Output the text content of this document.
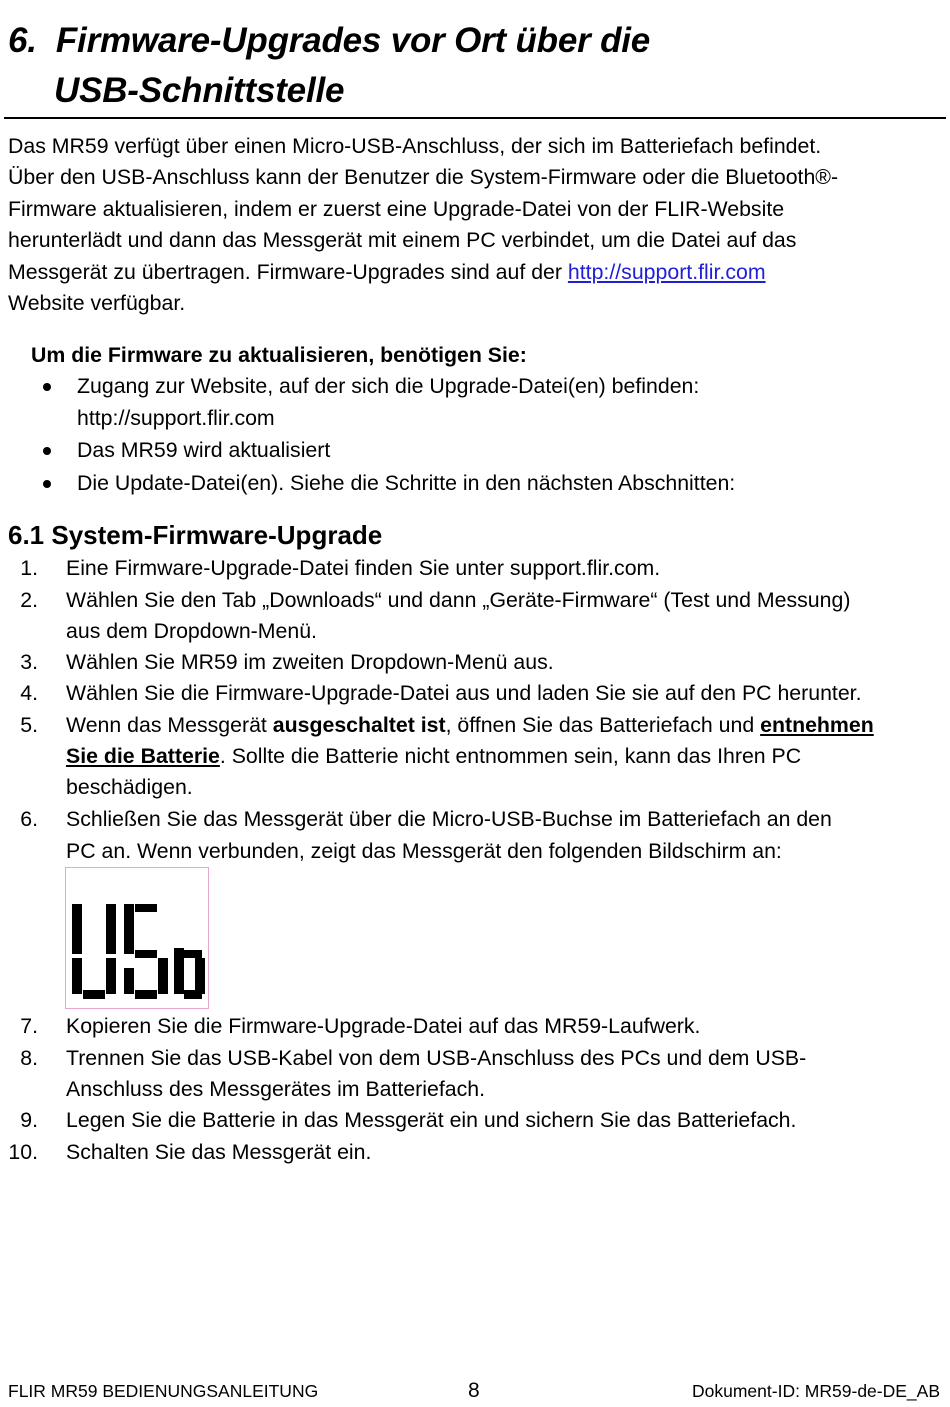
6. Firmware-Upgrades vor Ort über die
USB-Schnittstelle
Das MR59 verfügt über einen Micro-USB-Anschluss, der sich im Batteriefach befindet.
Über den USB-Anschluss kann der Benutzer die System-Firmware oder die Bluetooth®-
Firmware aktualisieren, indem er zuerst eine Upgrade-Datei von der FLIR-Website
herunterlädt und dann das Messgerät mit einem PC verbindet, um die Datei auf das
Messgerät zu übertragen. Firmware-Upgrades sind auf der http://support.flir.com
Website verfügbar.
Um die Firmware zu aktualisieren, benötigen Sie:
Zugang zur Website, auf der sich die Upgrade-Datei(en) befinden:
http://support.flir.com
Das MR59 wird aktualisiert
Die Update-Datei(en). Siehe die Schritte in den nächsten Abschnitten:
6.1 System-Firmware-Upgrade
1. Eine Firmware-Upgrade-Datei finden Sie unter support.flir.com.
2. Wählen Sie den Tab „Downloads“ und dann „Geräte-Firmware“ (Test und Messung)
aus dem Dropdown-Menü.
3. Wählen Sie MR59 im zweiten Dropdown-Menü aus.
4. Wählen Sie die Firmware-Upgrade-Datei aus und laden Sie sie auf den PC herunter.
5. Wenn das Messgerät ausgeschaltet ist, öffnen Sie das Batteriefach und entnehmen
Sie die Batterie. Sollte die Batterie nicht entnommen sein, kann das Ihren PC
beschädigen.
6. Schließen Sie das Messgerät über die Micro-USB-Buchse im Batteriefach an den
PC an. Wenn verbunden, zeigt das Messgerät den folgenden Bildschirm an:
7. Kopieren Sie die Firmware-Upgrade-Datei auf das MR59-Laufwerk.
8. Trennen Sie das USB-Kabel von dem USB-Anschluss des PCs und dem USB-
Anschluss des Messgerätes im Batteriefach.
9. Legen Sie die Batterie in das Messgerät ein und sichern Sie das Batteriefach.
10. Schalten Sie das Messgerät ein.
FLIR MR59 BEDIENUNGSANLEITUNG	8	Dokument-ID: MR59-de-DE_AB
